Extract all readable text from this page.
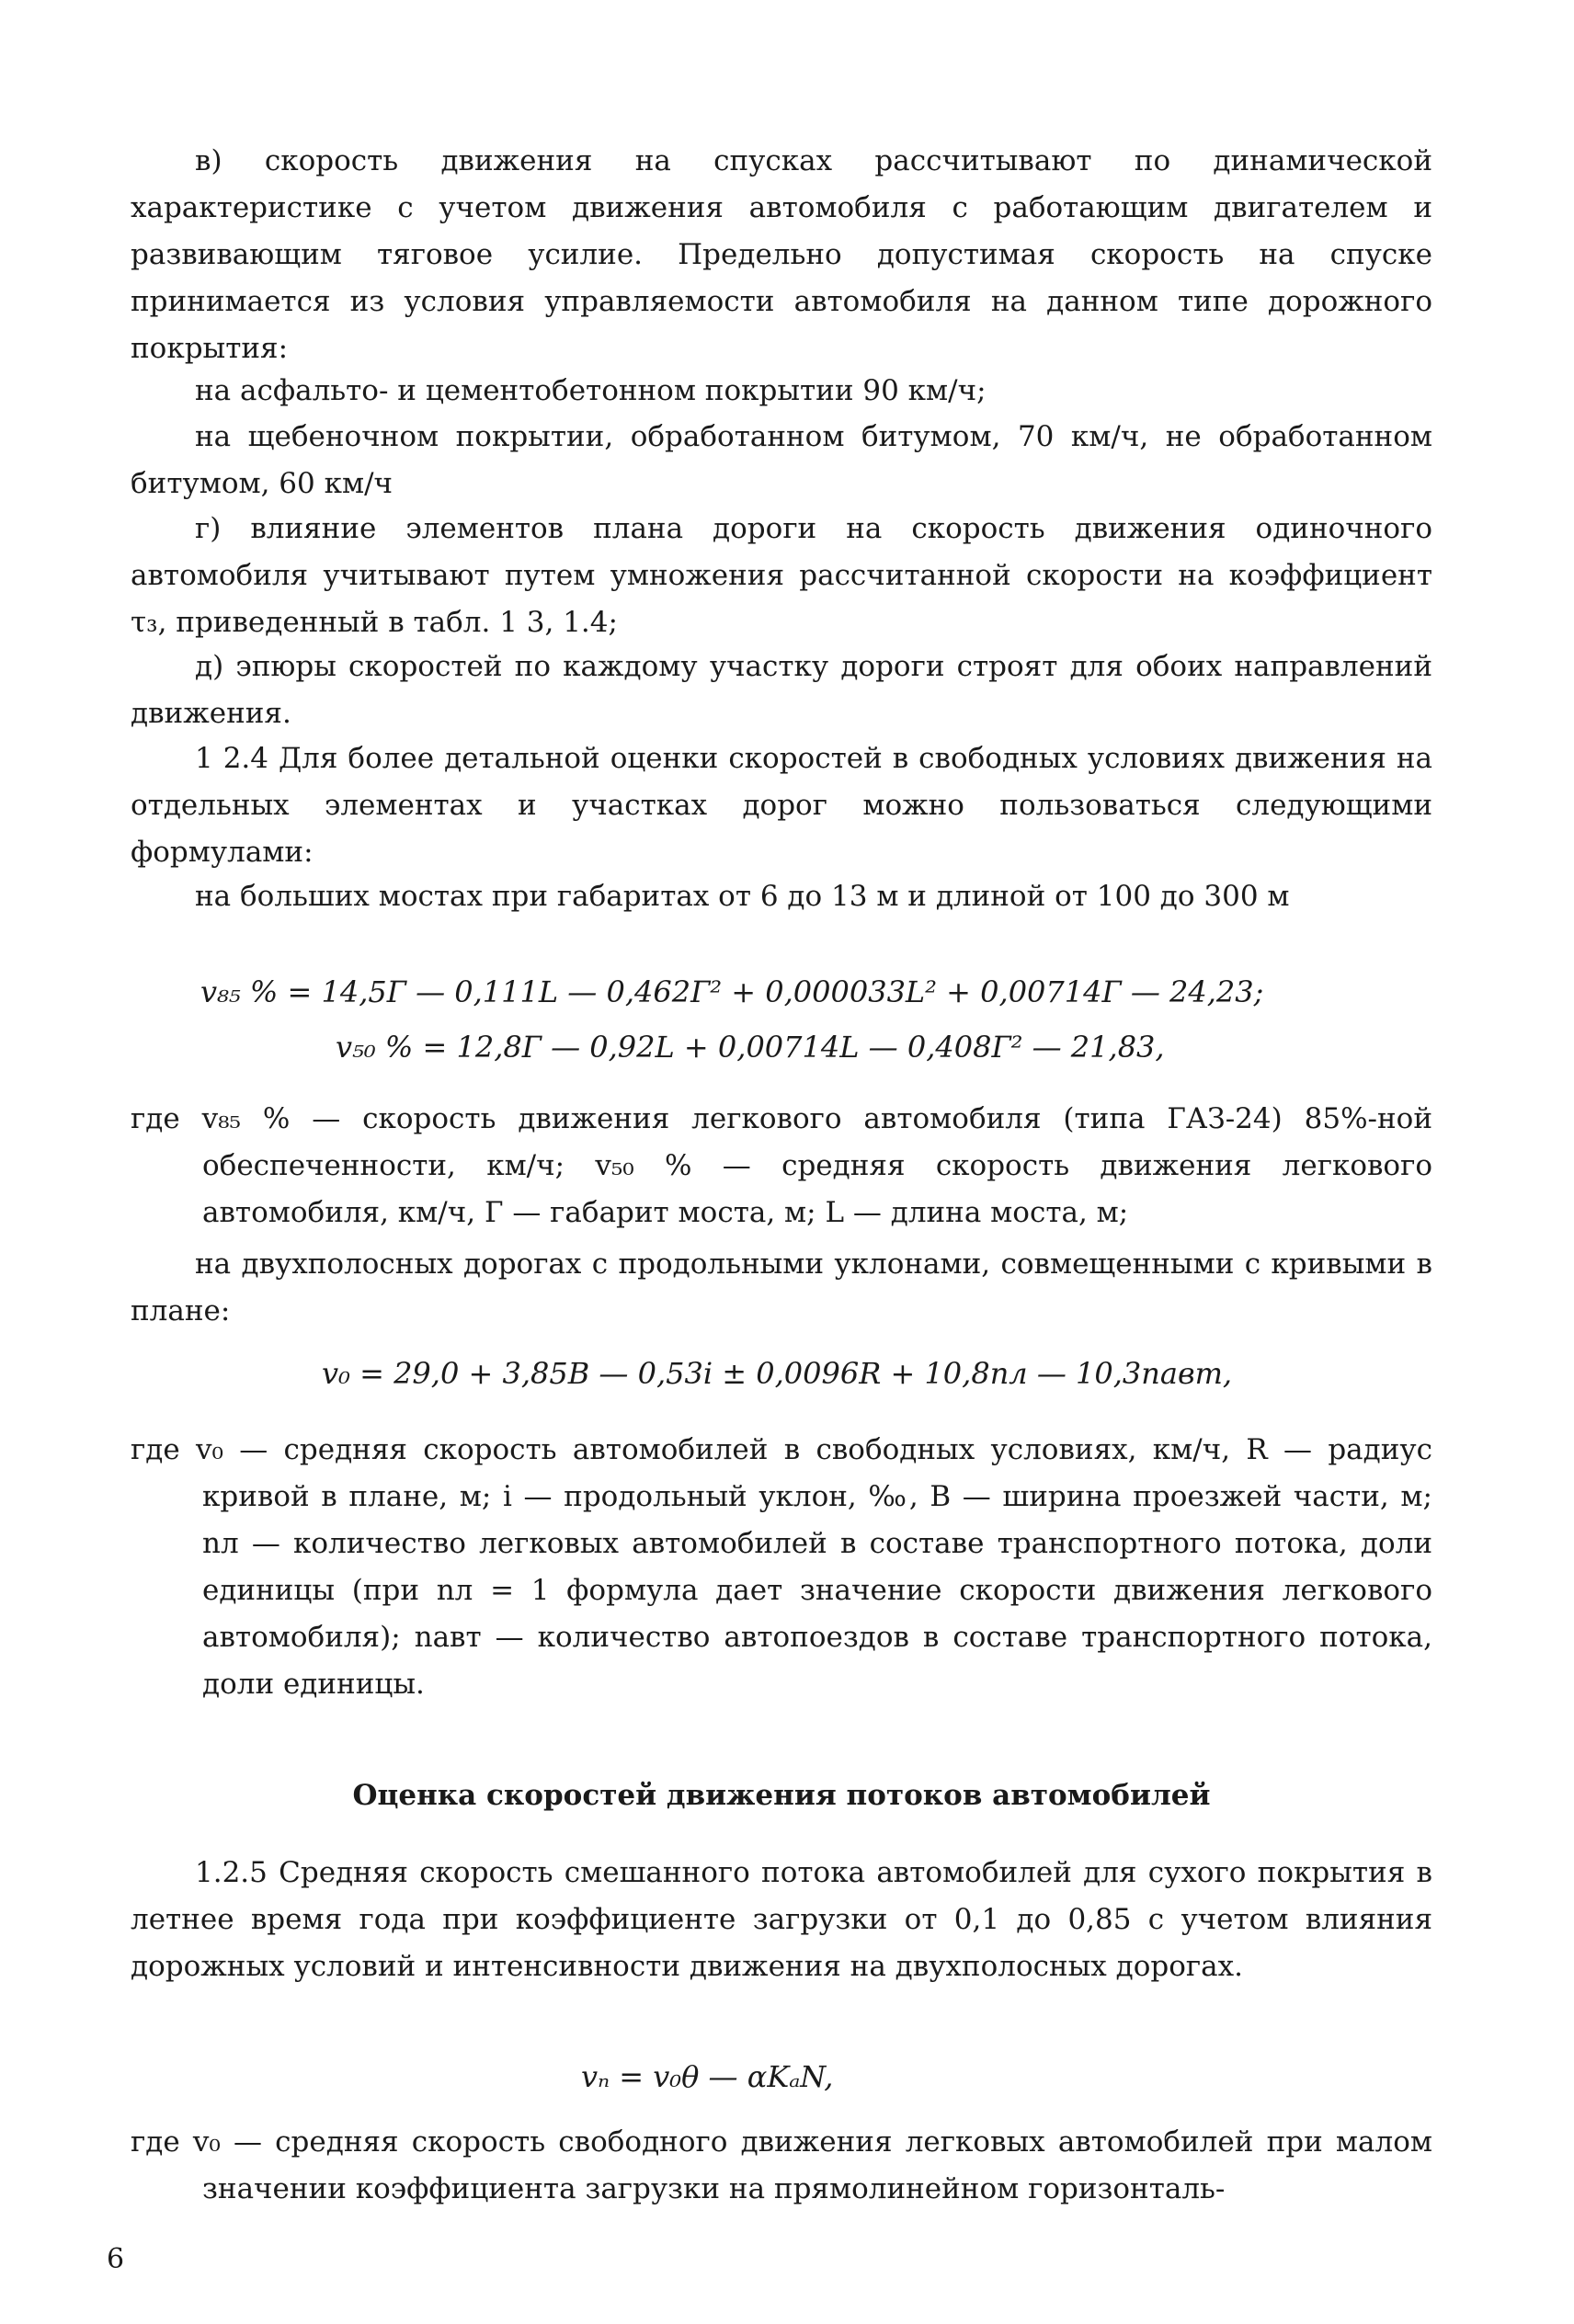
в) скорость движения на спусках рассчитывают по динамической характеристике с учетом движения автомобиля с работающим двигателем и развивающим тяговое усилие. Предельно допустимая скорость на спуске принимается из условия управляемости автомобиля на данном типе дорожного покрытия:

на асфальто- и цементобетонном покрытии 90 км/ч;

на щебеночном покрытии, обработанном битумом, 70 км/ч, не обработанном битумом, 60 км/ч

г) влияние элементов плана дороги на скорость движения одиночного автомобиля учитывают путем умножения рассчитанной скорости на коэффициент τ₃, приведенный в табл. 1 3, 1.4;

д) эпюры скоростей по каждому участку дороги строят для обоих направлений движения.

1 2.4 Для более детальной оценки скоростей в свободных условиях движения на отдельных элементах и участках дорог можно пользоваться следующими формулами:

на больших мостах при габаритах от 6 до 13 м и длиной от 100 до 300 м

v₈₅ % = 14,5Г — 0,111L — 0,462Г² + 0,000033L² + 0,00714Г — 24,23;

v₅₀ % = 12,8Г — 0,92L + 0,00714L — 0,408Г² — 21,83,

где v₈₅ % — скорость движения легкового автомобиля (типа ГАЗ-24) 85%-ной обеспеченности, км/ч; v₅₀ % — средняя скорость движения легкового автомобиля, км/ч, Г — габарит моста, м; L — длина моста, м;

на двухполосных дорогах с продольными уклонами, совмещенными с кривыми в плане:

v₀ = 29,0 + 3,85B — 0,53i ± 0,0096R + 10,8nл — 10,3nавт,

где v₀ — средняя скорость автомобилей в свободных условиях, км/ч, R — радиус кривой в плане, м; i — продольный уклон, ‰, B — ширина проезжей части, м; nл — количество легковых автомобилей в составе транспортного потока, доли единицы (при nл = 1 формула дает значение скорости движения легкового автомобиля); nавт — количество автопоездов в составе транспортного потока, доли единицы.

Оценка скоростей движения потоков автомобилей

1.2.5 Средняя скорость смешанного потока автомобилей для сухого покрытия в летнее время года при коэффициенте загрузки от 0,1 до 0,85 с учетом влияния дорожных условий и интенсивности движения на двухполосных дорогах.

vₙ = v₀θ — αKₐN,

где v₀ — средняя скорость свободного движения легковых автомобилей при малом значении коэффициента загрузки на прямолинейном горизонталь-

6
